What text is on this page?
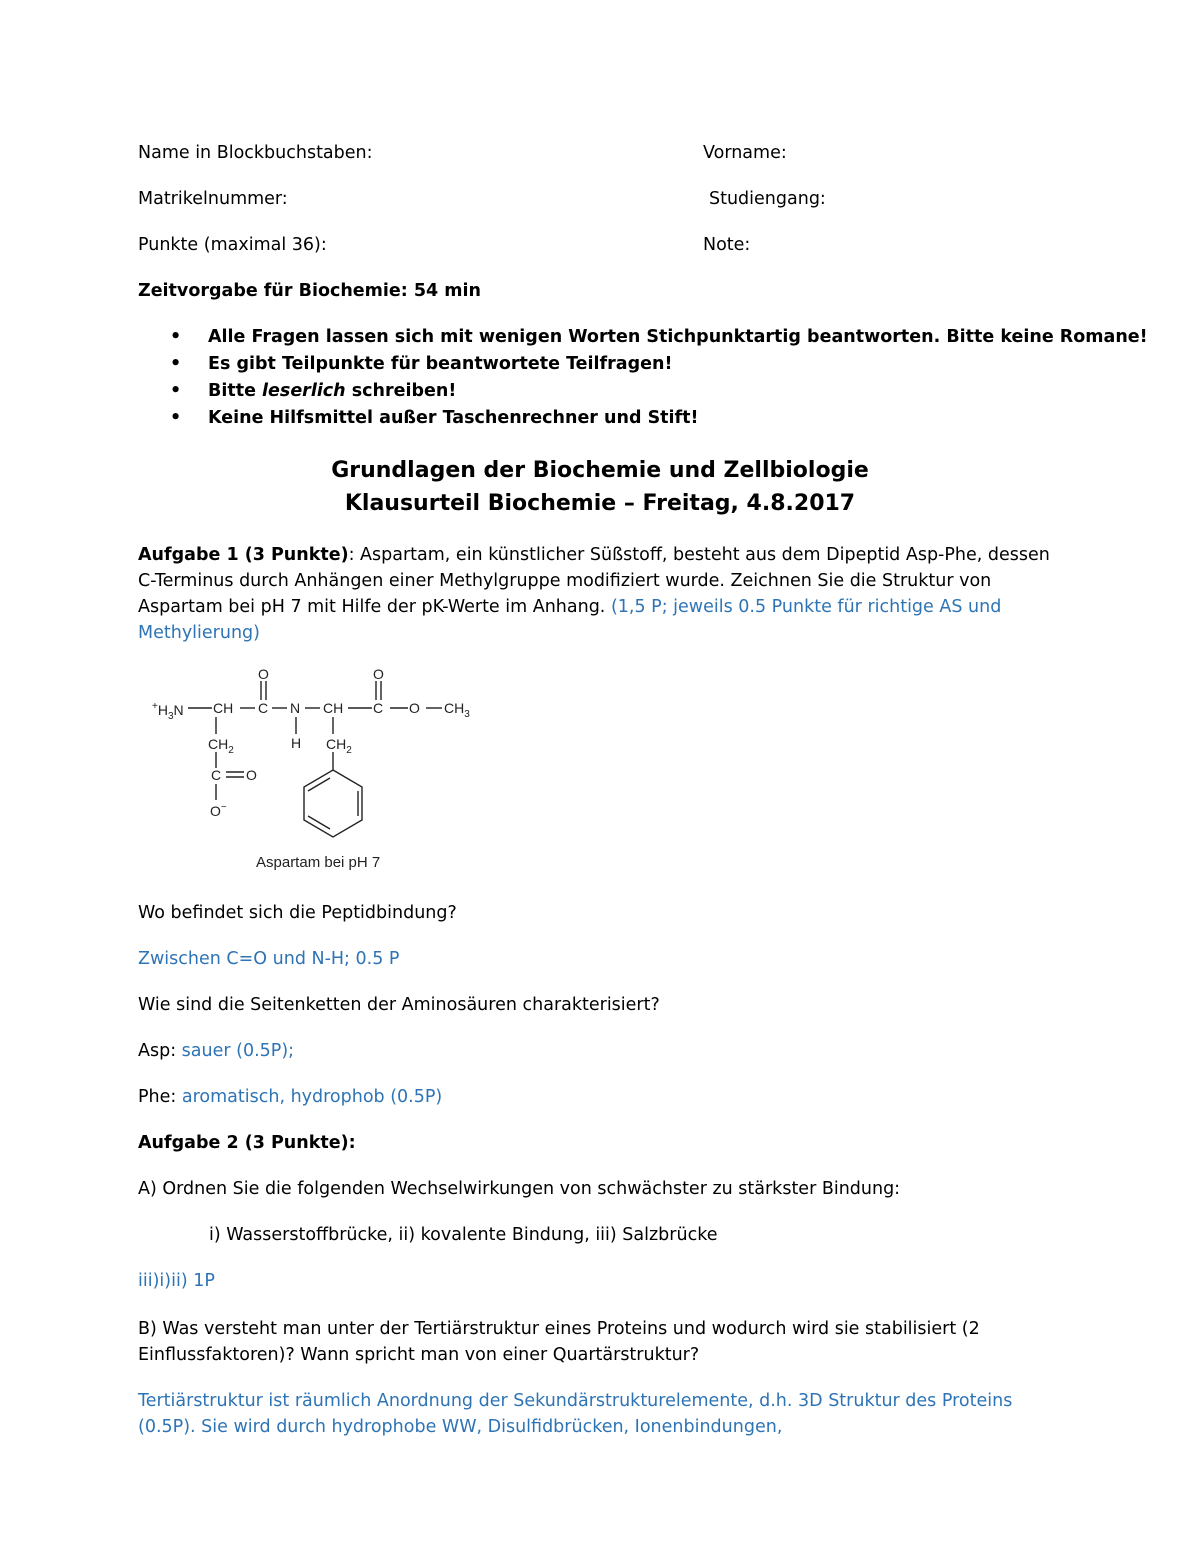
Name in Blockbuchstaben:	Vorname:
Matrikelnummer:	Studiengang:
Punkte (maximal 36):	Note:
Zeitvorgabe für Biochemie: 54 min
• Alle Fragen lassen sich mit wenigen Worten Stichpunktartig beantworten. Bitte keine Romane!
• Es gibt Teilpunkte für beantwortete Teilfragen!
• Bitte leserlich schreiben!
• Keine Hilfsmittel außer Taschenrechner und Stift!
Grundlagen der Biochemie und Zellbiologie
Klausurteil Biochemie – Freitag, 4.8.2017
Aufgabe 1 (3 Punkte): Aspartam, ein künstlicher Süßstoff, besteht aus dem Dipeptid Asp-Phe, dessen C-Terminus durch Anhängen einer Methylgruppe modifiziert wurde. Zeichnen Sie die Struktur von Aspartam bei pH 7 mit Hilfe der pK-Werte im Anhang. (1,5 P; jeweils 0.5 Punkte für richtige AS und Methylierung)
$^+H_3N$ CH C
O
N
H
CH C
O
O $CH_3$
$CH_2$	$CH_2$
C O
O−
Aspartam bei pH 7
Wo befindet sich die Peptidbindung?
Zwischen C=O und N-H; 0.5 P
Wie sind die Seitenketten der Aminosäuren charakterisiert?
Asp: sauer (0.5P);
Phe: aromatisch, hydrophob (0.5P)
Aufgabe 2 (3 Punkte):
A) Ordnen Sie die folgenden Wechselwirkungen von schwächster zu stärkster Bindung:
i) Wasserstoffbrücke, ii) kovalente Bindung, iii) Salzbrücke
iii)i)ii) 1P
B) Was versteht man unter der Tertiärstruktur eines Proteins und wodurch wird sie stabilisiert (2 Einflussfaktoren)? Wann spricht man von einer Quartärstruktur?
Tertiärstruktur ist räumlich Anordnung der Sekundärstrukturelemente, d.h. 3D Struktur des Proteins (0.5P). Sie wird durch hydrophobe WW, Disulfidbrücken, Ionenbindungen,
